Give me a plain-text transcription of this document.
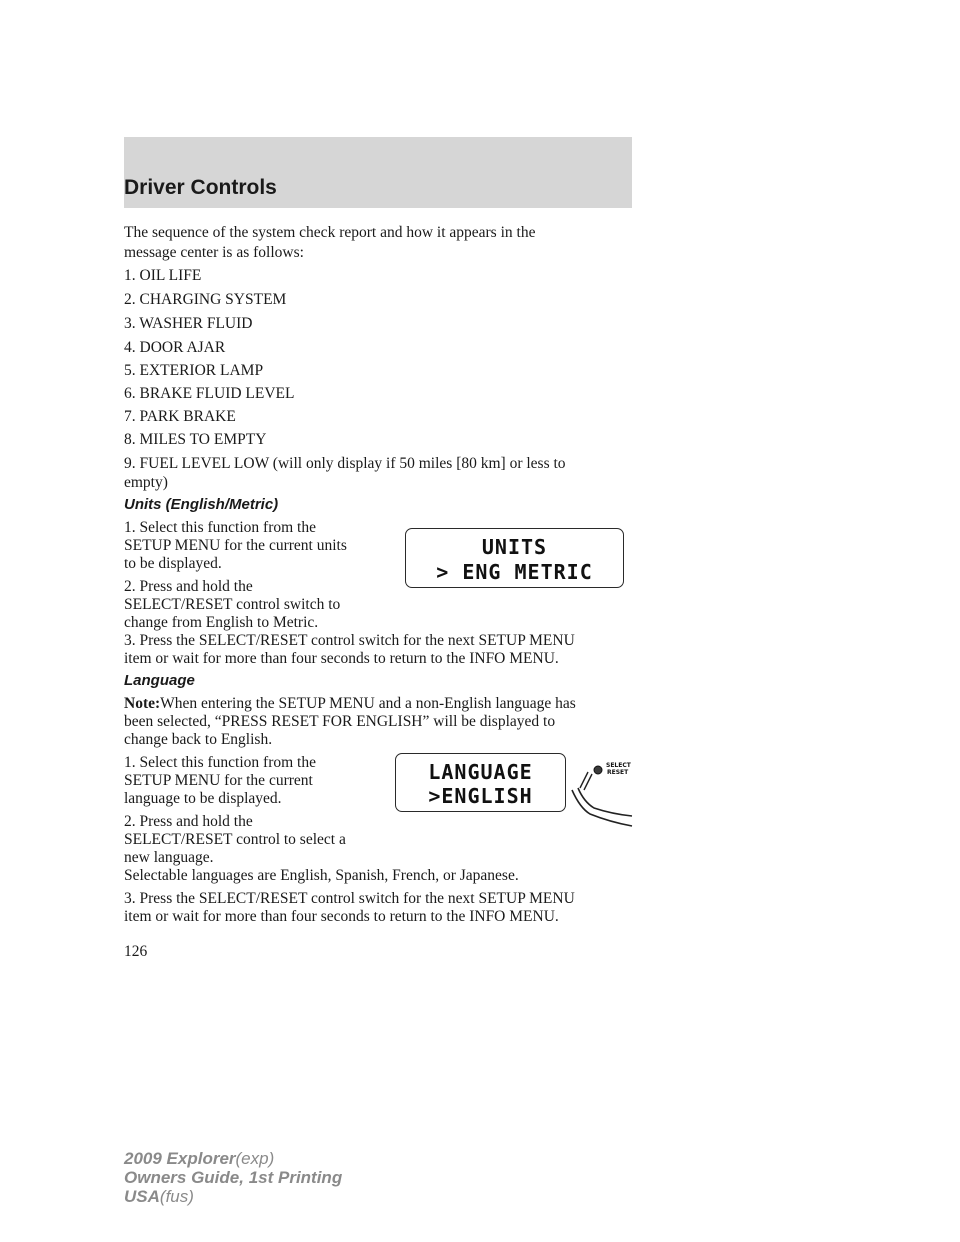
Driver Controls

The sequence of the system check report and how it appears in the

message center is as follows:

1. OIL LIFE

2. CHARGING SYSTEM

3. WASHER FLUID

4. DOOR AJAR

5. EXTERIOR LAMP

6. BRAKE FLUID LEVEL

7. PARK BRAKE

8. MILES TO EMPTY

9. FUEL LEVEL LOW (will only display if 50 miles [80 km] or less to

empty)

Units (English/Metric)

1. Select this function from the

SETUP MENU for the current units

to be displayed.

2. Press and hold the

SELECT/RESET control switch to

change from English to Metric.

UNITS
> ENG METRIC

3. Press the SELECT/RESET control switch for the next SETUP MENU

item or wait for more than four seconds to return to the INFO MENU.

Language

Note:When entering the SETUP MENU and a non-English language has

been selected, “PRESS RESET FOR ENGLISH” will be displayed to

change back to English.

1. Select this function from the

SETUP MENU for the current

language to be displayed.

2. Press and hold the

SELECT/RESET control to select a

new language.

LANGUAGE
>ENGLISH
SELECT
RESET

Selectable languages are English, Spanish, French, or Japanese.

3. Press the SELECT/RESET control switch for the next SETUP MENU

item or wait for more than four seconds to return to the INFO MENU.

126

2009 Explorer(exp)
Owners Guide, 1st Printing
USA(fus)
